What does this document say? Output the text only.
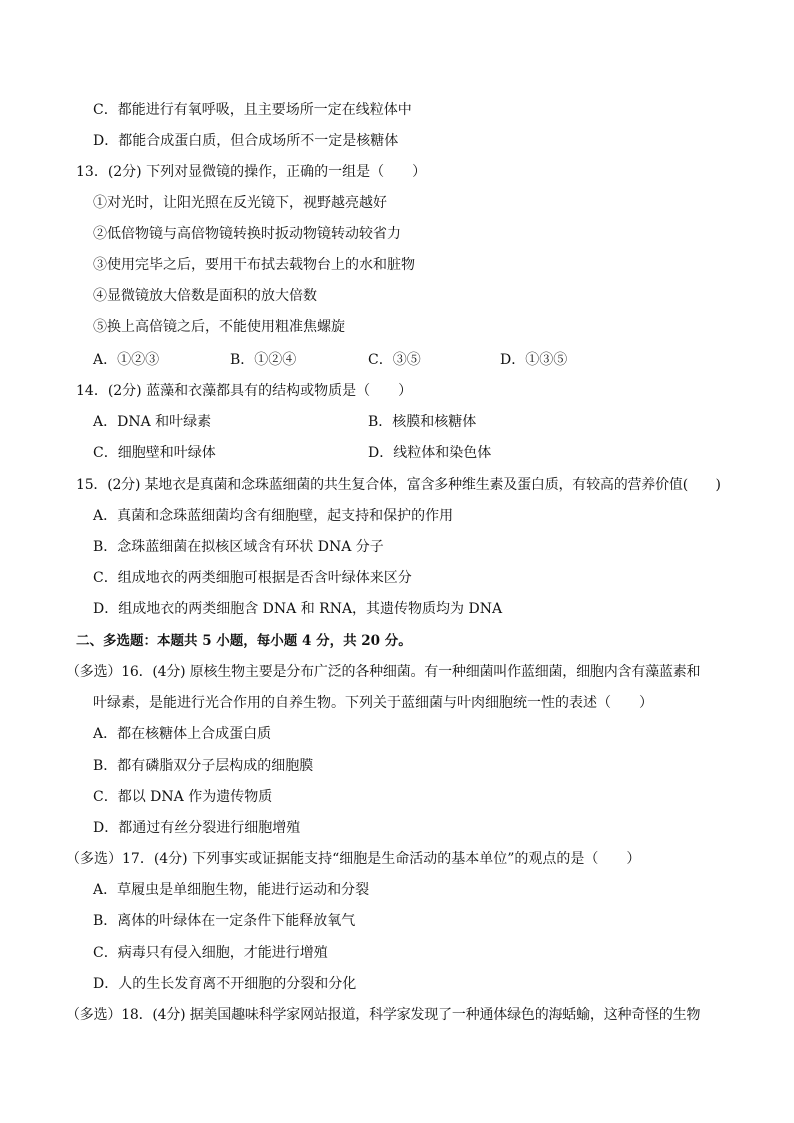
C．都能进行有氧呼吸，且主要场所一定在线粒体中
D．都能合成蛋白质，但合成场所不一定是核糖体
13．(2分) 下列对显微镜的操作，正确的一组是（　　）
①对光时，让阳光照在反光镜下，视野越亮越好
②低倍物镜与高倍物镜转换时扳动物镜转动较省力
③使用完毕之后，要用干布拭去载物台上的水和脏物
④显微镜放大倍数是面积的放大倍数
⑤换上高倍镜之后，不能使用粗准焦螺旋
A．①②③	B．①②④	C．③⑤	D．①③⑤
14．(2分) 蓝藻和衣藻都具有的结构或物质是（　　）
A．DNA 和叶绿素	B．核膜和核糖体
C．细胞壁和叶绿体	D．线粒体和染色体
15．(2分) 某地衣是真菌和念珠蓝细菌的共生复合体，富含多种维生素及蛋白质，有较高的营养价值(　　)
A．真菌和念珠蓝细菌均含有细胞壁，起支持和保护的作用
B．念珠蓝细菌在拟核区域含有环状 DNA 分子
C．组成地衣的两类细胞可根据是否含叶绿体来区分
D．组成地衣的两类细胞含 DNA 和 RNA，其遗传物质均为 DNA
二、多选题：本题共 5 小题，每小题 4 分，共 20 分。
（多选）16．(4分) 原核生物主要是分布广泛的各种细菌。有一种细菌叫作蓝细菌，细胞内含有藻蓝素和
叶绿素，是能进行光合作用的自养生物。下列关于蓝细菌与叶肉细胞统一性的表述（　　）
A．都在核糖体上合成蛋白质
B．都有磷脂双分子层构成的细胞膜
C．都以 DNA 作为遗传物质
D．都通过有丝分裂进行细胞增殖
（多选）17．(4分) 下列事实或证据能支持“细胞是生命活动的基本单位”的观点的是（　　）
A．草履虫是单细胞生物，能进行运动和分裂
B．离体的叶绿体在一定条件下能释放氧气
C．病毒只有侵入细胞，才能进行增殖
D．人的生长发育离不开细胞的分裂和分化
（多选）18．(4分) 据美国趣味科学家网站报道，科学家发现了一种通体绿色的海蛞蝓，这种奇怪的生物
